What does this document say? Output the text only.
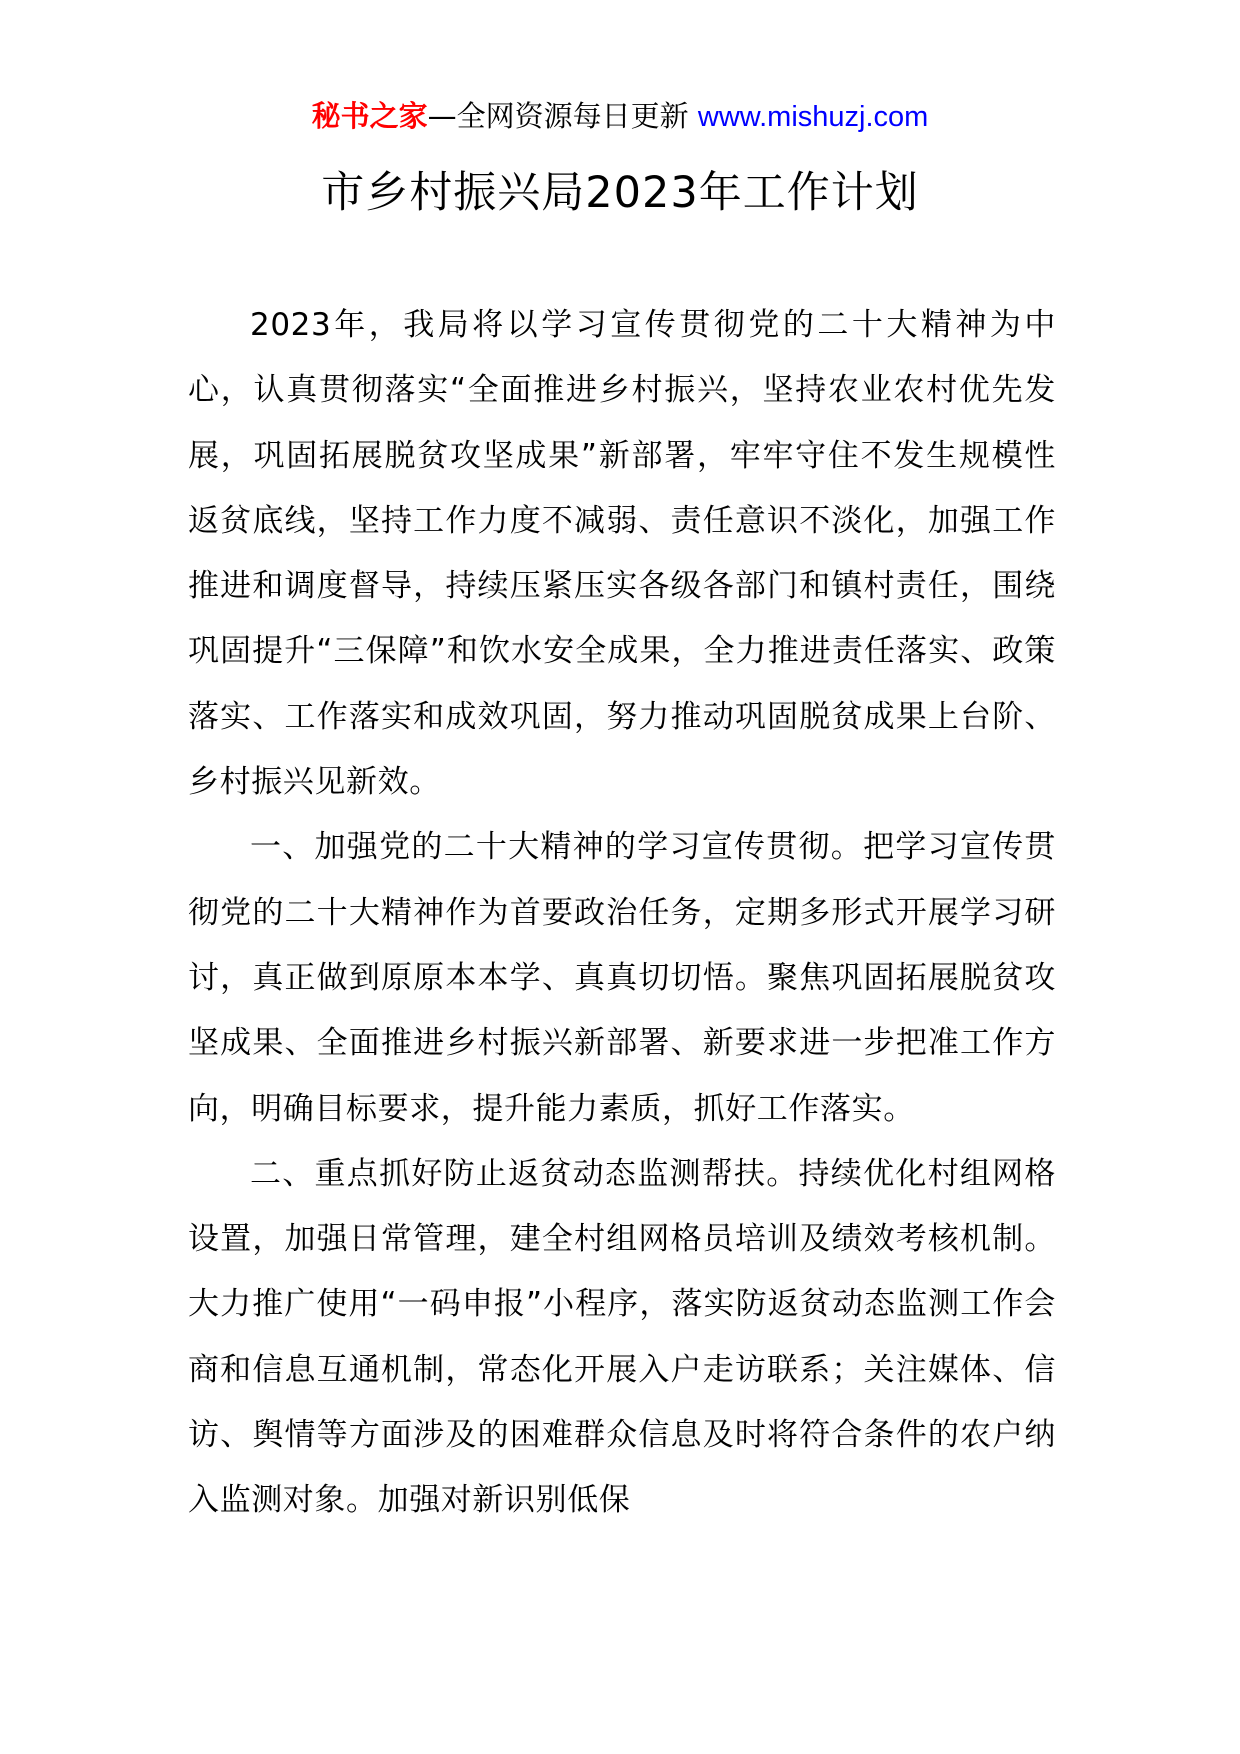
秘书之家—全网资源每日更新 www.mishuzj.com
市乡村振兴局2023年工作计划

2023年，我局将以学习宣传贯彻党的二十大精神为中心，认真贯彻落实“全面推进乡村振兴，坚持农业农村优先发展，巩固拓展脱贫攻坚成果”新部署，牢牢守住不发生规模性返贫底线，坚持工作力度不减弱、责任意识不淡化，加强工作推进和调度督导，持续压紧压实各级各部门和镇村责任，围绕巩固提升“三保障”和饮水安全成果，全力推进责任落实、政策落实、工作落实和成效巩固，努力推动巩固脱贫成果上台阶、乡村振兴见新效。

一、加强党的二十大精神的学习宣传贯彻。把学习宣传贯彻党的二十大精神作为首要政治任务，定期多形式开展学习研讨，真正做到原原本本学、真真切切悟。聚焦巩固拓展脱贫攻坚成果、全面推进乡村振兴新部署、新要求进一步把准工作方向，明确目标要求，提升能力素质，抓好工作落实。

二、重点抓好防止返贫动态监测帮扶。持续优化村组网格设置，加强日常管理，建全村组网格员培训及绩效考核机制。大力推广使用“一码申报”小程序，落实防返贫动态监测工作会商和信息互通机制，常态化开展入户走访联系；关注媒体、信访、舆情等方面涉及的困难群众信息及时将符合条件的农户纳入监测对象。加强对新识别低保
